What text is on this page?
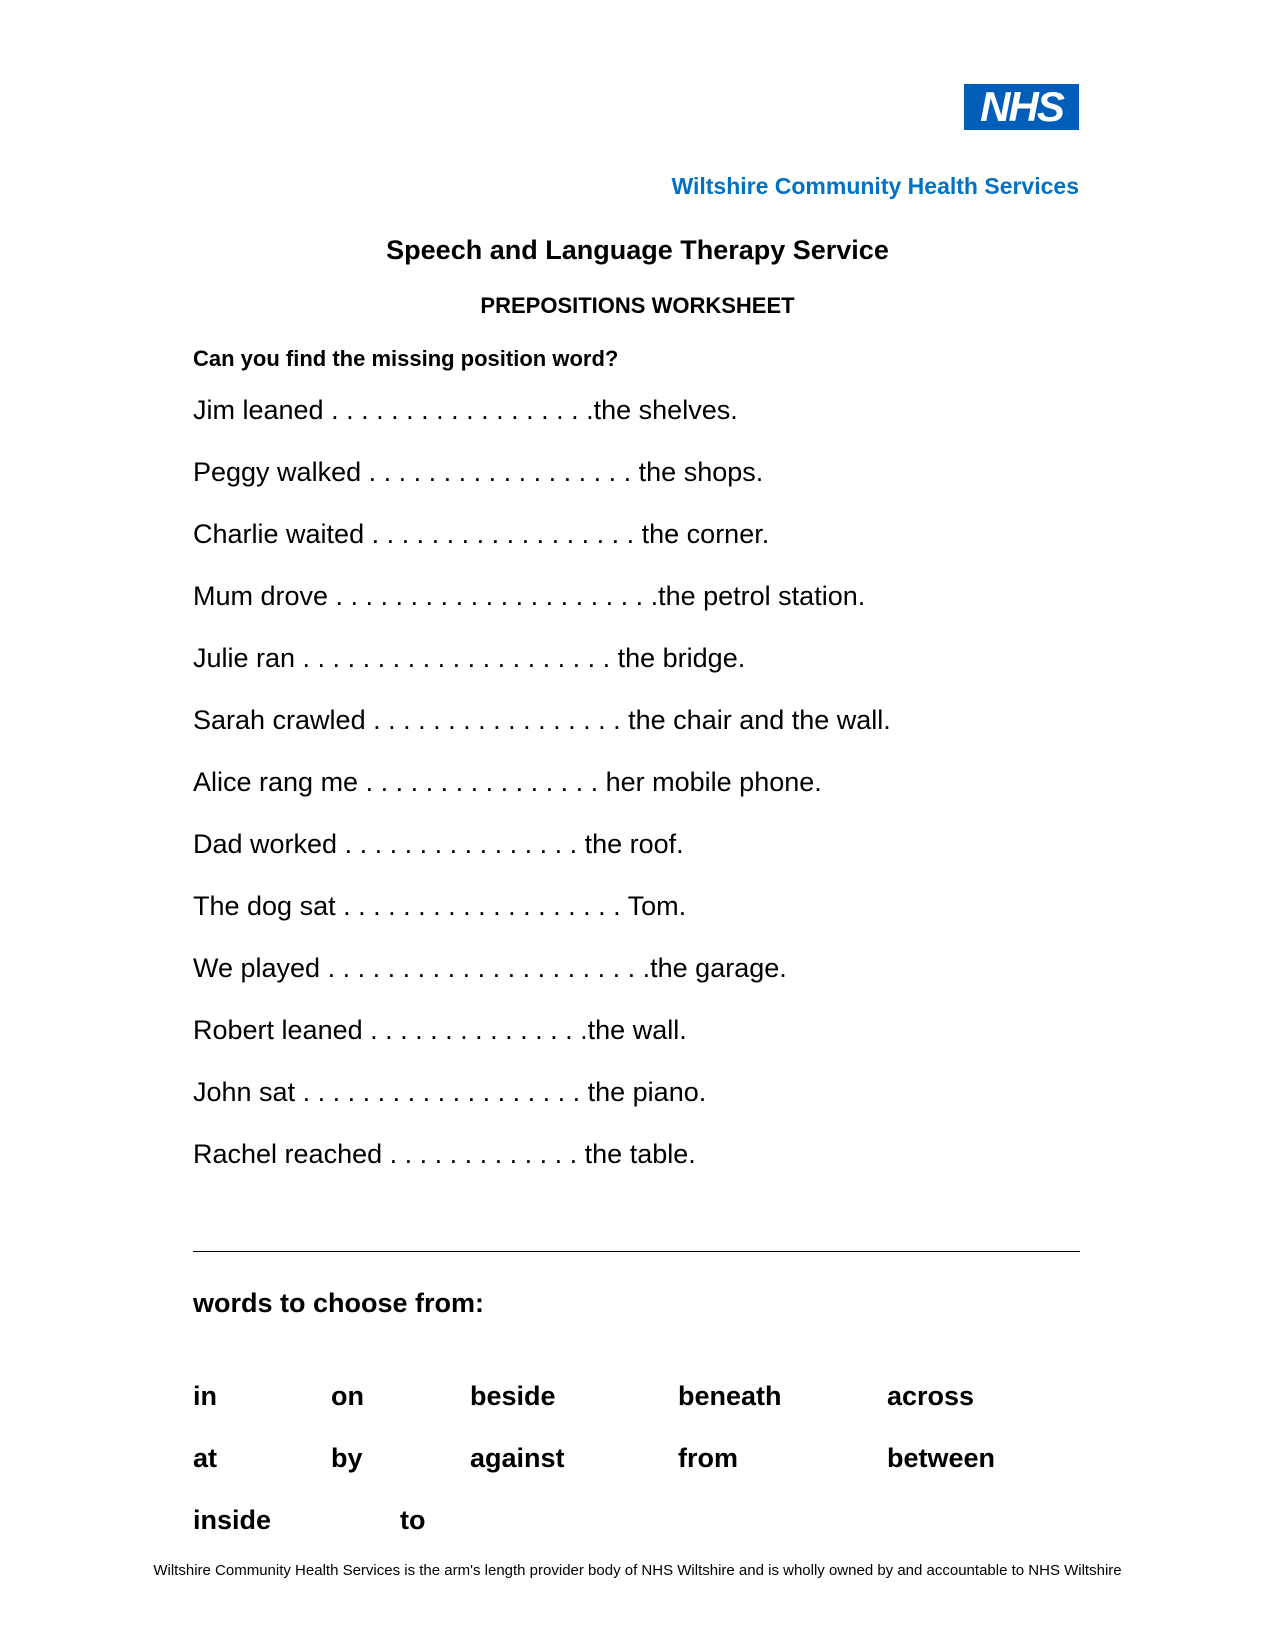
NHS
Wiltshire Community Health Services
Speech and Language Therapy Service
PREPOSITIONS WORKSHEET
Can you find the missing position word?
Jim leaned . . . . . . . . . . . . . . . . . .the shelves.
Peggy walked . . . . . . . . . . . . . . . . . . the shops.
Charlie waited . . . . . . . . . . . . . . . . . . the corner.
Mum drove . . . . . . . . . . . . . . . . . . . . . .the petrol station.
Julie ran . . . . . . . . . . . . . . . . . . . . . the bridge.
Sarah crawled . . . . . . . . . . . . . . . . . the chair and the wall.
Alice rang me . . . . . . . . . . . . . . . . her mobile phone.
Dad worked . . . . . . . . . . . . . . . . the roof.
The dog sat . . . . . . . . . . . . . . . . . . . Tom.
We played . . . . . . . . . . . . . . . . . . . . . .the garage.
Robert leaned . . . . . . . . . . . . . . .the wall.
John sat . . . . . . . . . . . . . . . . . . . the piano.
Rachel reached . . . . . . . . . . . . . the table.
words to choose from:
in	on	beside	beneath	across
at	by	against	from	between
inside	to
Wiltshire Community Health Services is the arm's length provider body of NHS Wiltshire and is wholly owned by and accountable to NHS Wiltshire
